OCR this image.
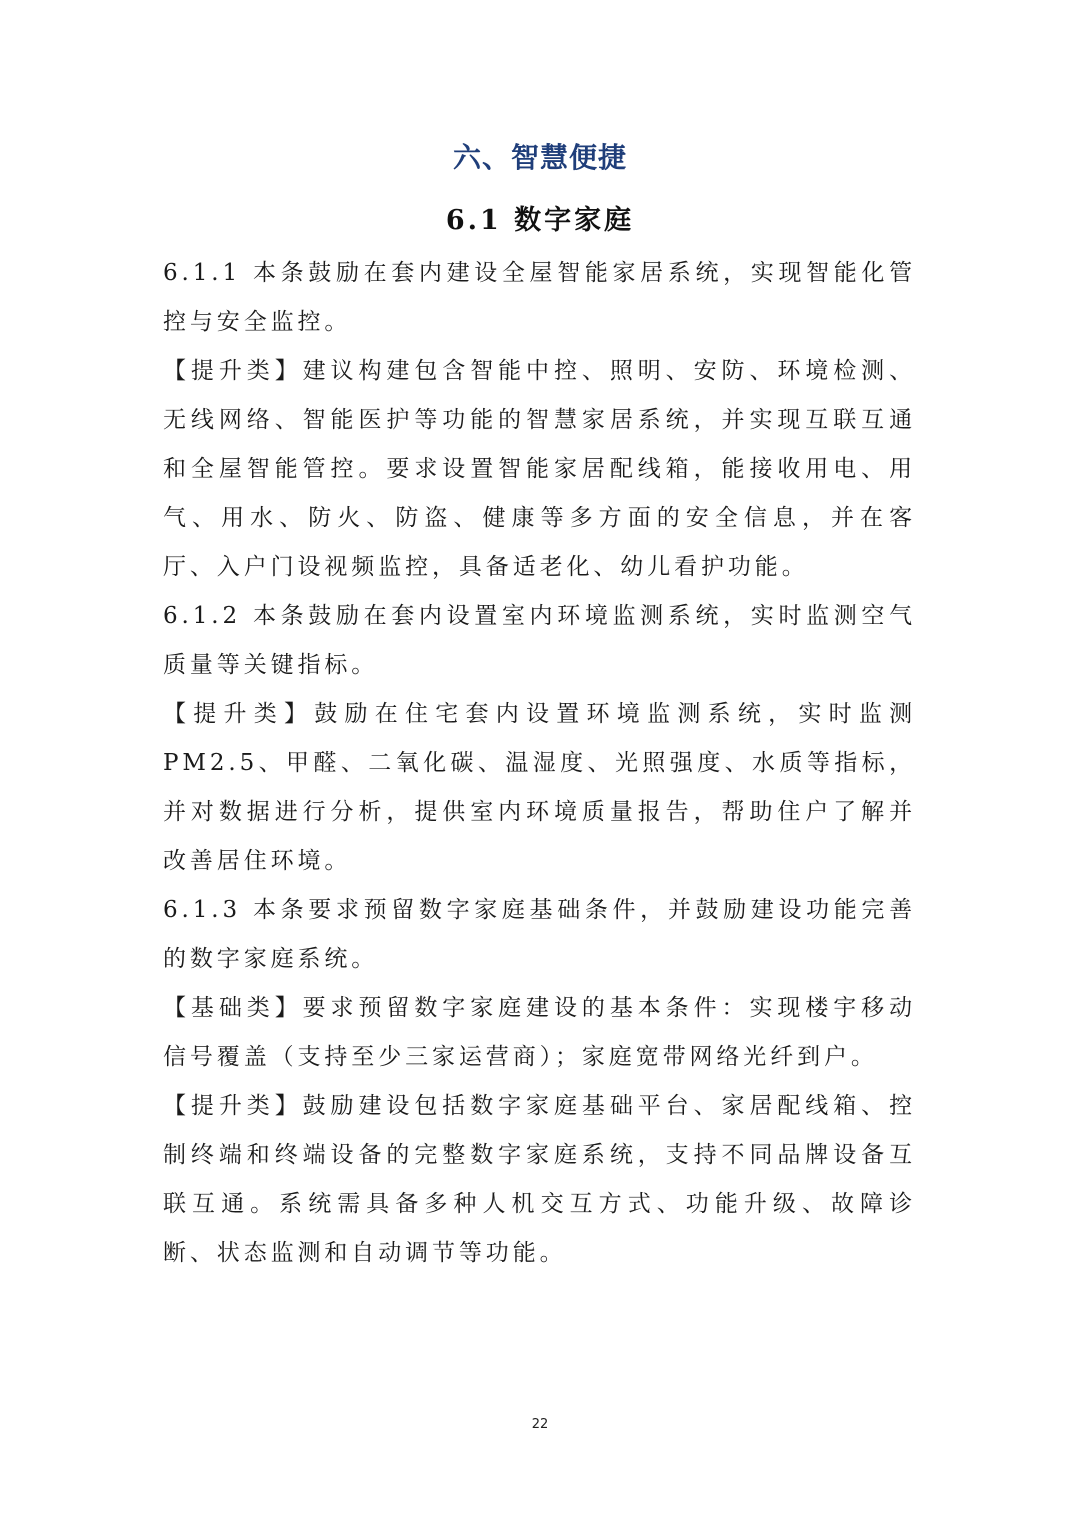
六、智慧便捷
6.1 数字家庭

6.1.1 本条鼓励在套内建设全屋智能家居系统，实现智能化管控与安全监控。

【提升类】建议构建包含智能中控、照明、安防、环境检测、无线网络、智能医护等功能的智慧家居系统，并实现互联互通和全屋智能管控。要求设置智能家居配线箱，能接收用电、用气、用水、防火、防盗、健康等多方面的安全信息，并在客厅、入户门设视频监控，具备适老化、幼儿看护功能。

6.1.2 本条鼓励在套内设置室内环境监测系统，实时监测空气质量等关键指标。

【提升类】鼓励在住宅套内设置环境监测系统，实时监测 PM2.5、甲醛、二氧化碳、温湿度、光照强度、水质等指标，并对数据进行分析，提供室内环境质量报告，帮助住户了解并改善居住环境。

6.1.3 本条要求预留数字家庭基础条件，并鼓励建设功能完善的数字家庭系统。

【基础类】要求预留数字家庭建设的基本条件：实现楼宇移动信号覆盖（支持至少三家运营商）；家庭宽带网络光纤到户。

【提升类】鼓励建设包括数字家庭基础平台、家居配线箱、控制终端和终端设备的完整数字家庭系统，支持不同品牌设备互联互通。系统需具备多种人机交互方式、功能升级、故障诊断、状态监测和自动调节等功能。

22
